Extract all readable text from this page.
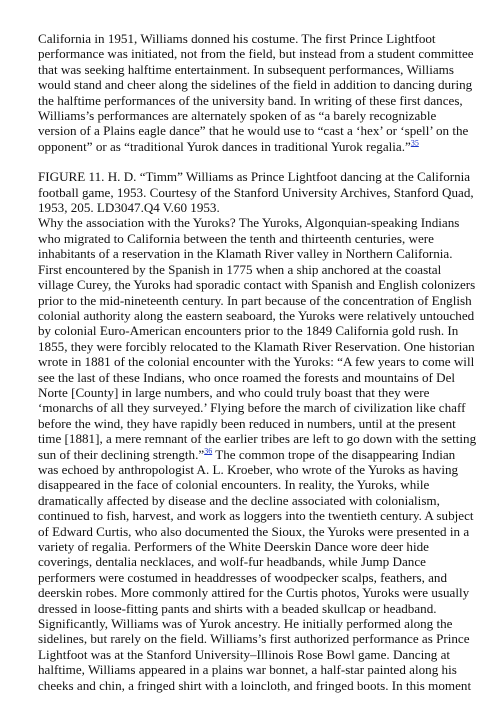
California in 1951, Williams donned his costume. The first Prince Lightfoot performance was initiated, not from the field, but instead from a student committee that was seeking halftime entertainment. In subsequent performances, Williams would stand and cheer along the sidelines of the field in addition to dancing during the halftime performances of the university band. In writing of these first dances, Williams’s performances are alternately spoken of as “a barely recognizable version of a Plains eagle dance” that he would use to “cast a ‘hex’ or ‘spell’ on the opponent” or as “traditional Yurok dances in traditional Yurok regalia.”$^{35}$

FIGURE 11. H. D. “Timm” Williams as Prince Lightfoot dancing at the California football game, 1953. Courtesy of the Stanford University Archives, Stanford Quad, 1953, 205. LD3047.Q4 V.60 1953.

Why the association with the Yuroks? The Yuroks, Algonquian-speaking Indians who migrated to California between the tenth and thirteenth centuries, were inhabitants of a reservation in the Klamath River valley in Northern California. First encountered by the Spanish in 1775 when a ship anchored at the coastal village Curey, the Yuroks had sporadic contact with Spanish and English colonizers prior to the mid-nineteenth century. In part because of the concentration of English colonial authority along the eastern seaboard, the Yuroks were relatively untouched by colonial Euro-American encounters prior to the 1849 California gold rush. In 1855, they were forcibly relocated to the Klamath River Reservation. One historian wrote in 1881 of the colonial encounter with the Yuroks: “A few years to come will see the last of these Indians, who once roamed the forests and mountains of Del Norte [County] in large numbers, and who could truly boast that they were ‘monarchs of all they surveyed.’ Flying before the march of civilization like chaff before the wind, they have rapidly been reduced in numbers, until at the present time [1881], a mere remnant of the earlier tribes are left to go down with the setting sun of their declining strength.”$^{36}$ The common trope of the disappearing Indian was echoed by anthropologist A. L. Kroeber, who wrote of the Yuroks as having disappeared in the face of colonial encounters. In reality, the Yuroks, while dramatically affected by disease and the decline associated with colonialism, continued to fish, harvest, and work as loggers into the twentieth century. A subject of Edward Curtis, who also documented the Sioux, the Yuroks were presented in a variety of regalia. Performers of the White Deerskin Dance wore deer hide coverings, dentalia necklaces, and wolf-fur headbands, while Jump Dance performers were costumed in headdresses of woodpecker scalps, feathers, and deerskin robes. More commonly attired for the Curtis photos, Yuroks were usually dressed in loose-fitting pants and shirts with a beaded skullcap or headband. Significantly, Williams was of Yurok ancestry. He initially performed along the sidelines, but rarely on the field. Williams’s first authorized performance as Prince Lightfoot was at the Stanford University–Illinois Rose Bowl game. Dancing at halftime, Williams appeared in a plains war bonnet, a half-star painted along his cheeks and chin, a fringed shirt with a loincloth, and fringed boots. In this moment
